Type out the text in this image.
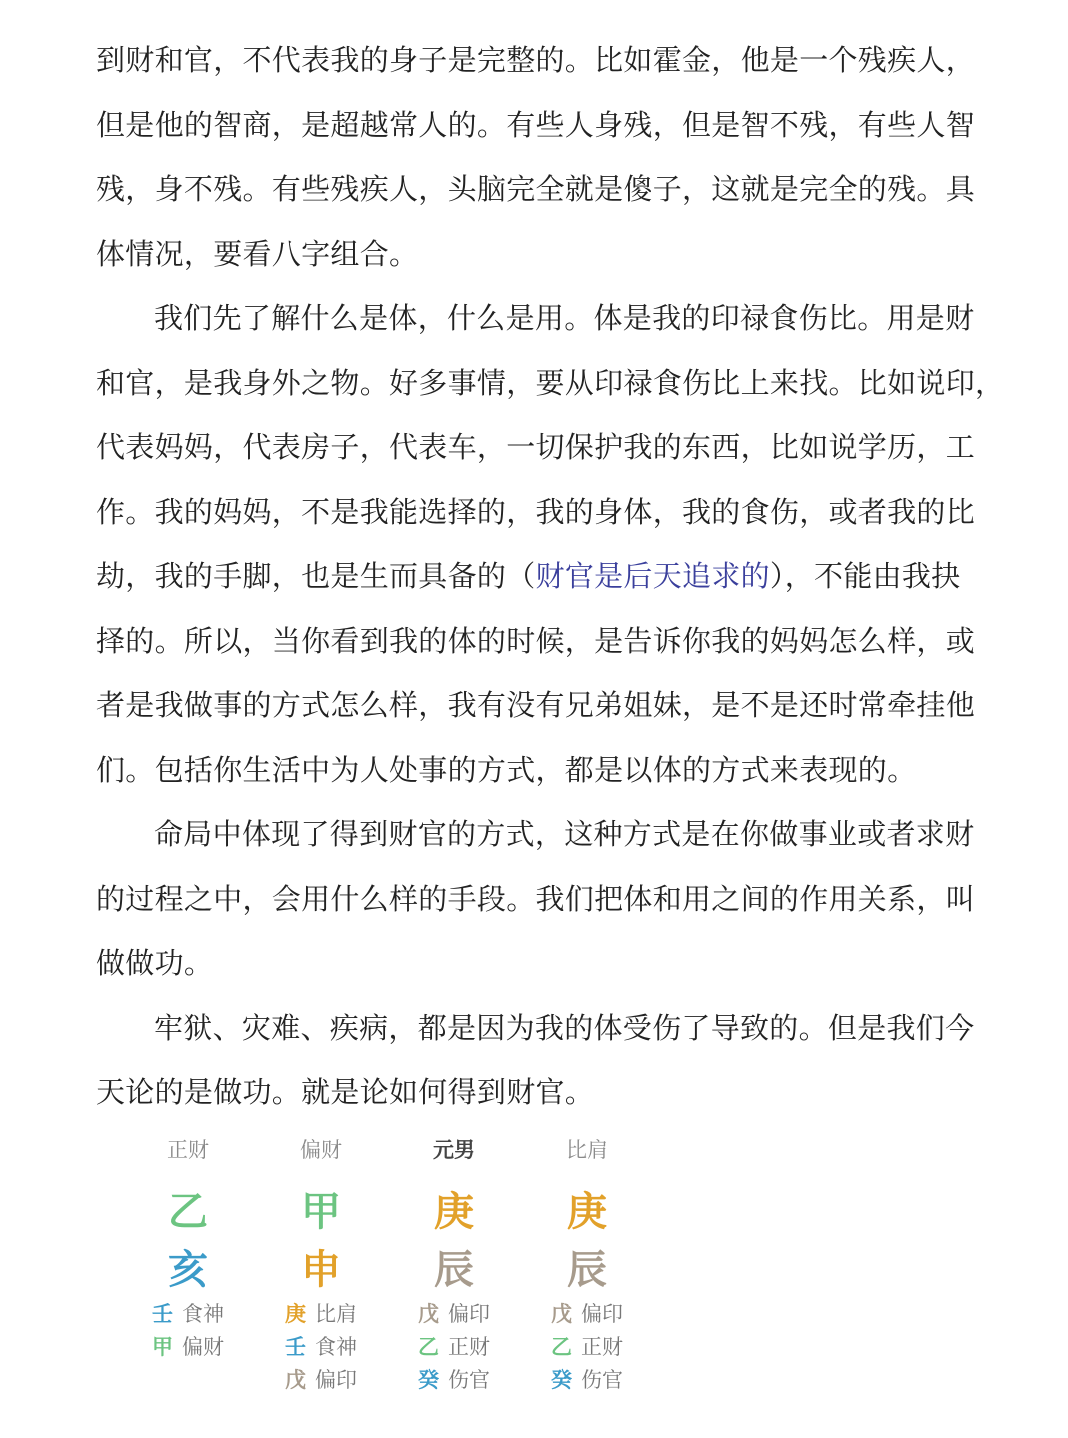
到财和官，不代表我的身子是完整的。比如霍金，他是一个残疾人，
但是他的智商，是超越常人的。有些人身残，但是智不残，有些人智
残，身不残。有些残疾人，头脑完全就是傻子，这就是完全的残。具
体情况，要看八字组合。

我们先了解什么是体，什么是用。体是我的印禄食伤比。用是财
和官，是我身外之物。好多事情，要从印禄食伤比上来找。比如说印，
代表妈妈，代表房子，代表车，一切保护我的东西，比如说学历，工
作。我的妈妈，不是我能选择的，我的身体，我的食伤，或者我的比
劫，我的手脚，也是生而具备的（财官是后天追求的），不能由我抉
择的。所以，当你看到我的体的时候，是告诉你我的妈妈怎么样，或
者是我做事的方式怎么样，我有没有兄弟姐妹，是不是还时常牵挂他
们。包括你生活中为人处事的方式，都是以体的方式来表现的。

命局中体现了得到财官的方式，这种方式是在你做事业或者求财
的过程之中，会用什么样的手段。我们把体和用之间的作用关系，叫
做做功。

牢狱、灾难、疾病，都是因为我的体受伤了导致的。但是我们今
天论的是做功。就是论如何得到财官。

正财
乙
亥
壬 食神
甲 偏财
偏财
甲
申
庚 比肩
壬 食神
戊 偏印
元男
庚
辰
戊 偏印
乙 正财
癸 伤官
比肩
庚
辰
戊 偏印
乙 正财
癸 伤官
